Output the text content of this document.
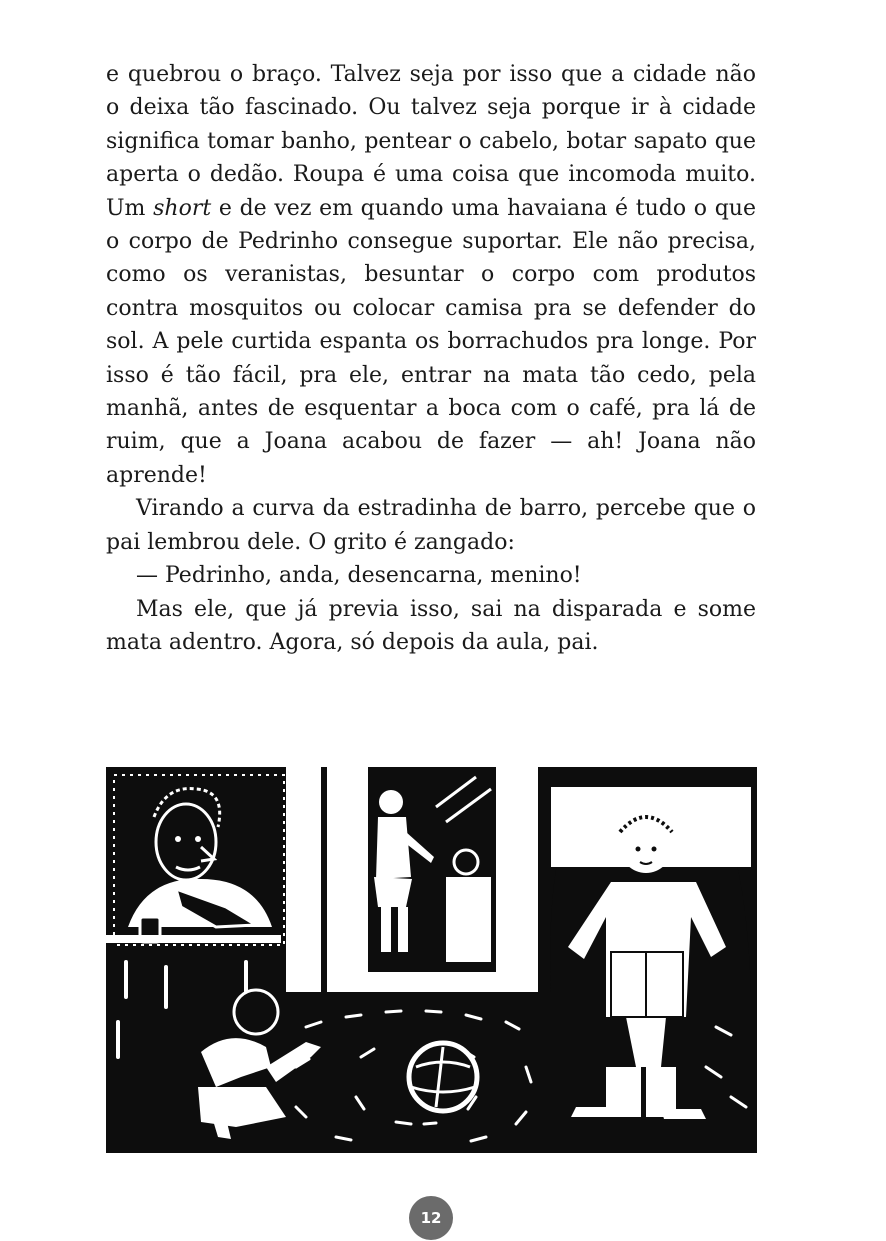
e quebrou o braço. Talvez seja por isso que a cidade não o deixa tão fascinado. Ou talvez seja porque ir à cidade significa tomar banho, pentear o cabelo, botar sapato que aperta o dedão. Roupa é uma coisa que incomoda muito. Um short e de vez em quando uma havaiana é tudo o que o corpo de Pedrinho consegue suportar. Ele não precisa, como os veranistas, besuntar o corpo com produtos contra mosquitos ou colocar camisa pra se defender do sol. A pele curtida espanta os borrachudos pra longe. Por isso é tão fácil, pra ele, entrar na mata tão cedo, pela manhã, antes de esquentar a boca com o café, pra lá de ruim, que a Joana acabou de fazer — ah! Joana não aprende!

Virando a curva da estradinha de barro, percebe que o pai lembrou dele. O grito é zangado:

— Pedrinho, anda, desencarna, menino!

Mas ele, que já previa isso, sai na disparada e some mata adentro. Agora, só depois da aula, pai.

12
